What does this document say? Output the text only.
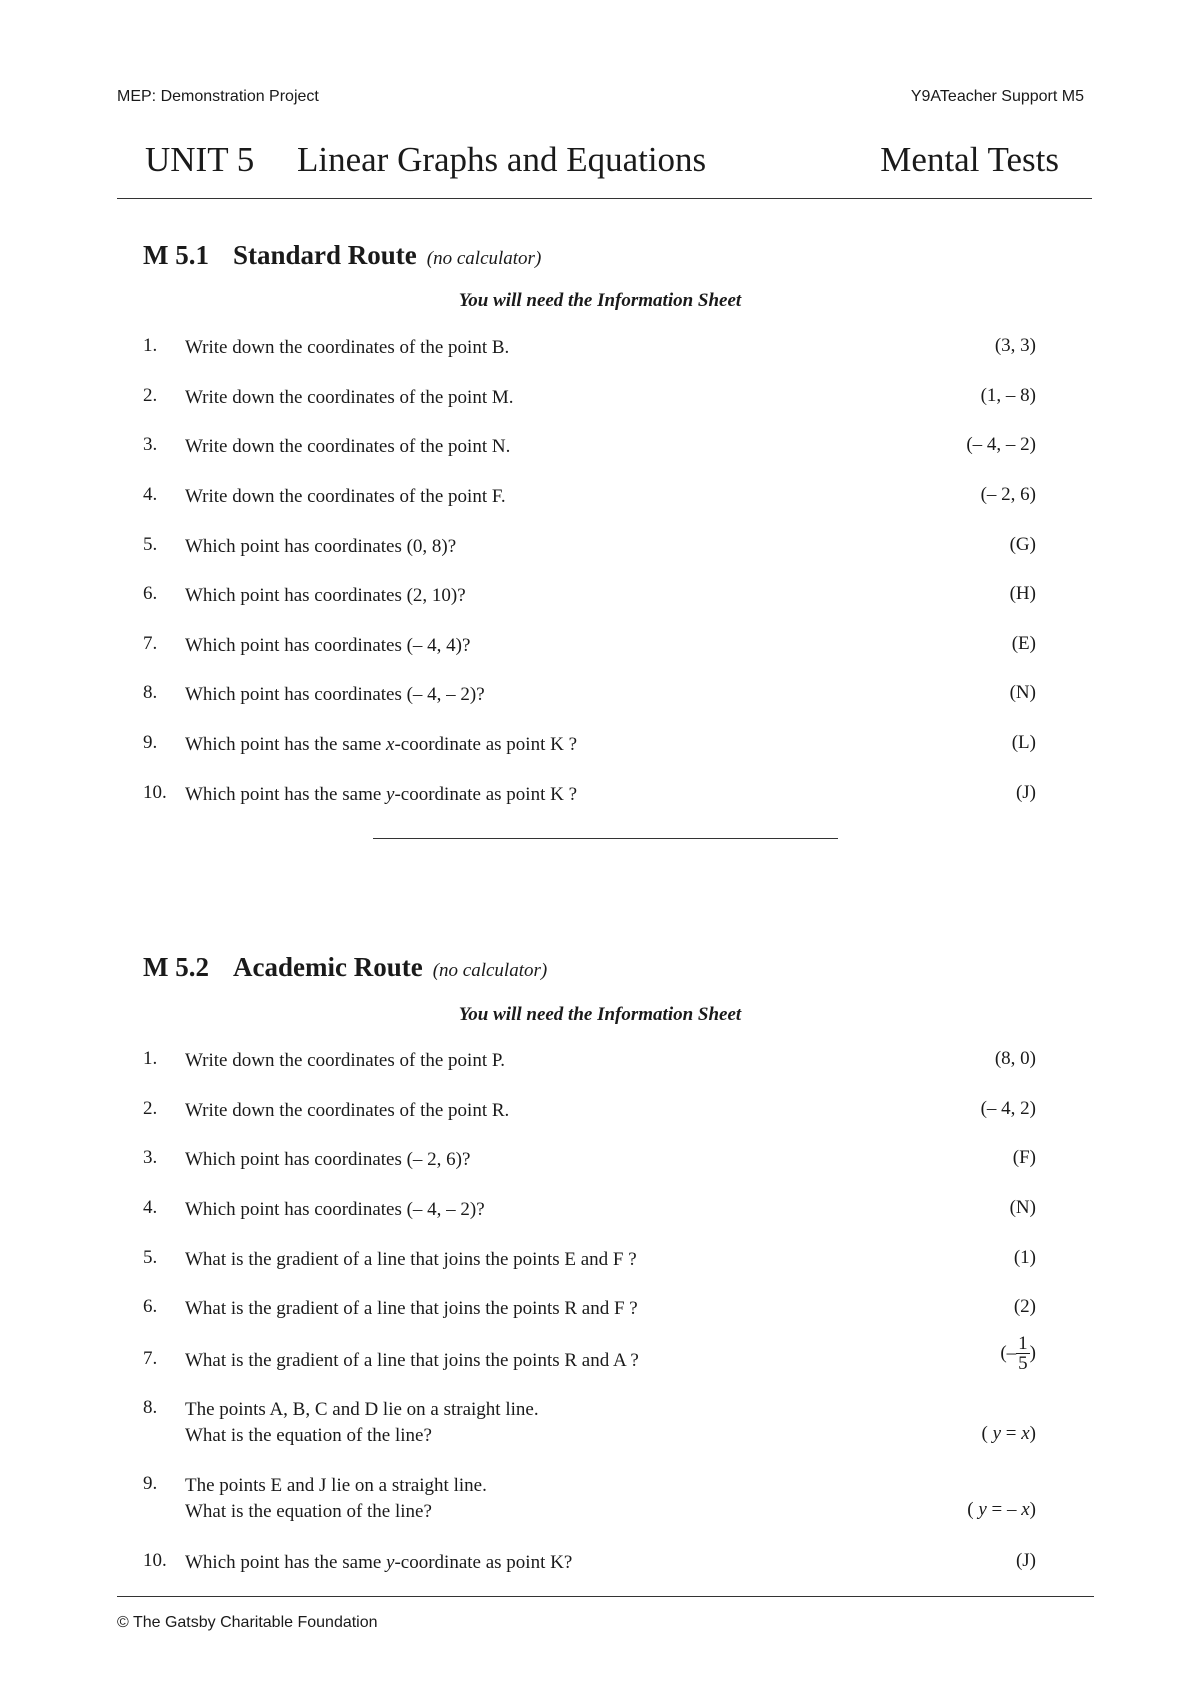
MEP: Demonstration Project	Y9ATeacher Support M5
UNIT 5 Linear Graphs and Equations	Mental Tests
M 5.1 Standard Route (no calculator)
You will need the Information Sheet
1.	Write down the coordinates of the point B.	(3, 3)
2.	Write down the coordinates of the point M.	(1, – 8)
3.	Write down the coordinates of the point N.	(– 4, – 2)
4.	Write down the coordinates of the point F.	(– 2, 6)
5.	Which point has coordinates (0, 8)?	(G)
6.	Which point has coordinates (2, 10)?	(H)
7.	Which point has coordinates (– 4, 4)?	(E)
8.	Which point has coordinates (– 4, – 2)?	(N)
9.	Which point has the same x-coordinate as point K ?	(L)
10. Which point has the same y-coordinate as point K ?	(J)
M 5.2 Academic Route (no calculator)
You will need the Information Sheet
1.	Write down the coordinates of the point P.	(8, 0)
2.	Write down the coordinates of the point R.	(– 4, 2)
3.	Which point has coordinates (– 2, 6)?	(F)
4.	Which point has coordinates (– 4, – 2)?	(N)
5.	What is the gradient of a line that joins the points E and F ?	(1)
6.	What is the gradient of a line that joins the points R and F ?	(2)
7.	What is the gradient of a line that joins the points R and A ?	(– $\frac{1}{5}$ )
8.	The points A, B, C and D lie on a straight line.
What is the equation of the line?	( y = x)
9.	The points E and J lie on a straight line.
What is the equation of the line?	( y = – x)
10. Which point has the same y-coordinate as point K?	(J)
© The Gatsby Charitable Foundation
